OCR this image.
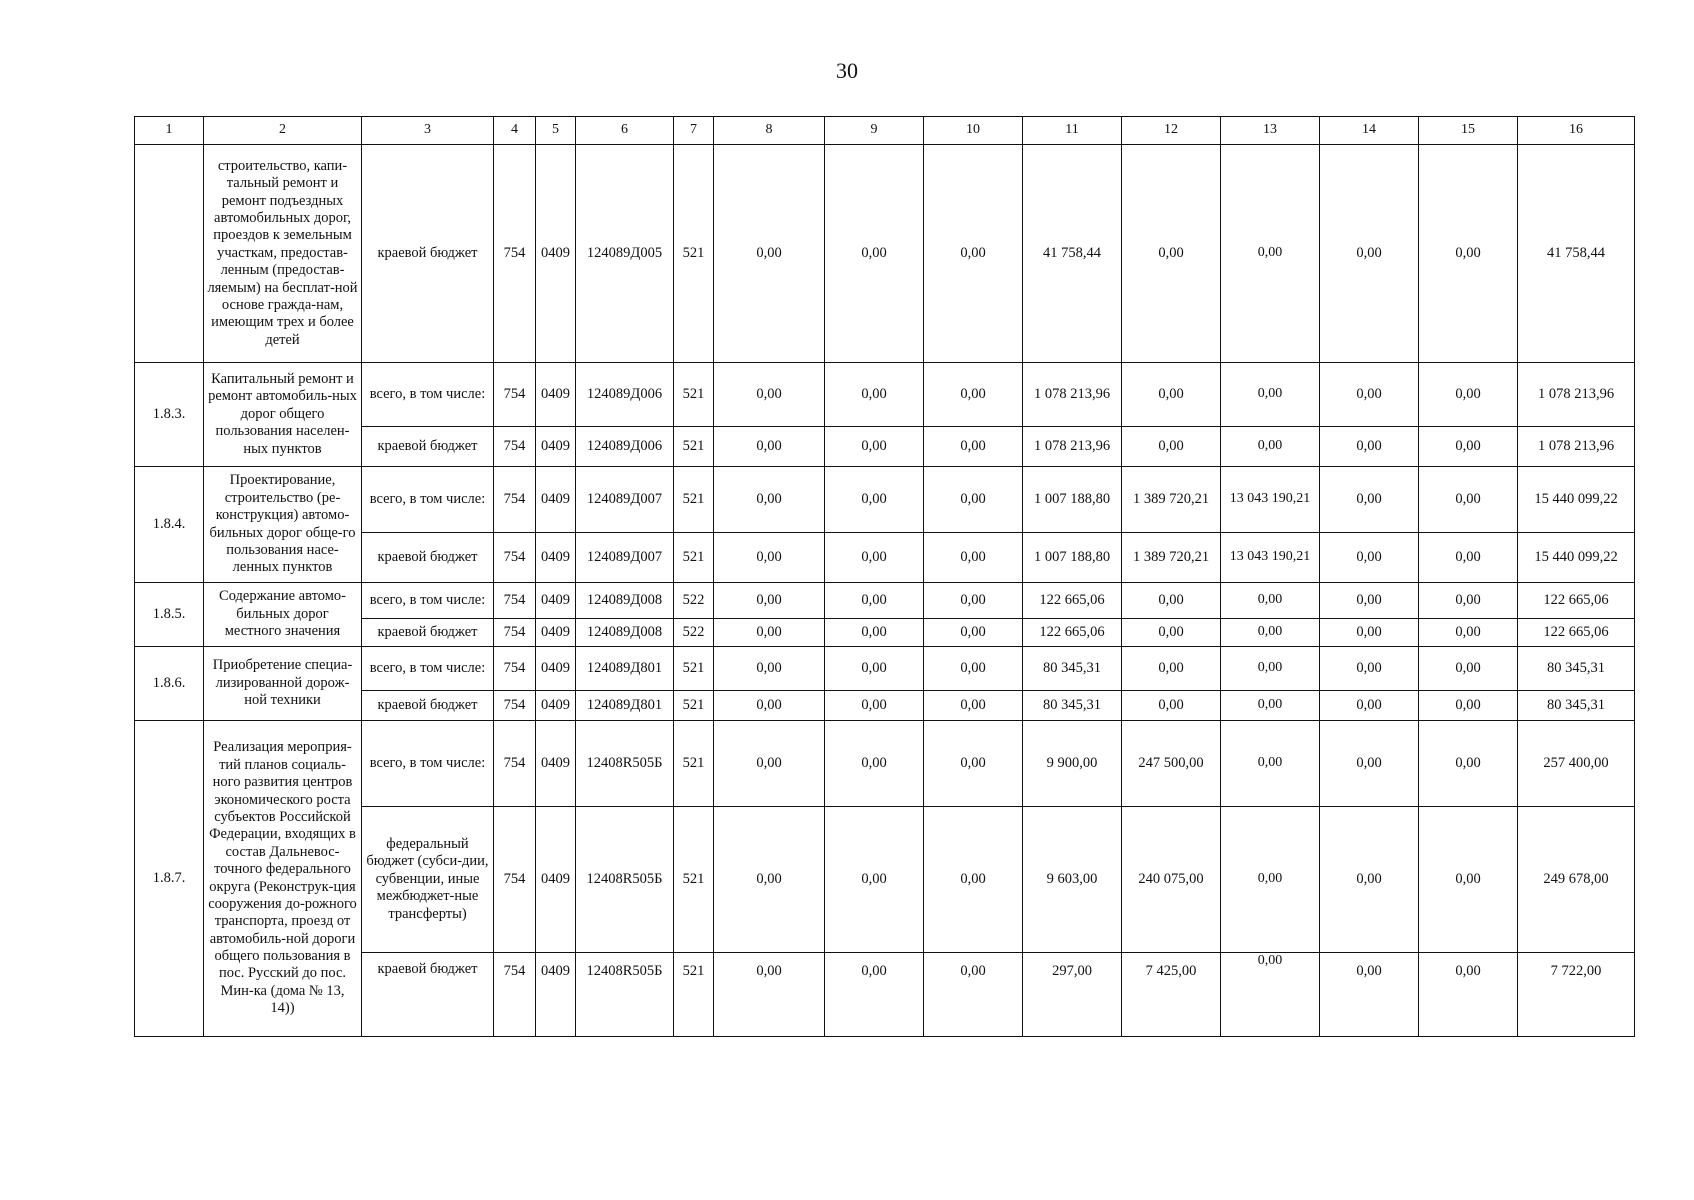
30
1	2	3	4	5	6	7	8	9	10	11	12	13	14	15	16
	строительство, капи-тальный ремонт и ремонт подъездных автомобильных дорог, проездов к земельным участкам, предостав-ленным (предостав-ляемым) на бесплат-ной основе гражда-нам, имеющим трех и более детей	краевой бюджет	754	0409	124089Д005	521	0,00	0,00	0,00	41 758,44	0,00	0,00	0,00	0,00	41 758,44
1.8.3.	Капитальный ремонт и ремонт автомобиль-ных дорог общего пользования населен-ных пунктов	всего, в том числе:	754	0409	124089Д006	521	0,00	0,00	0,00	1 078 213,96	0,00	0,00	0,00	0,00	1 078 213,96
		краевой бюджет	754	0409	124089Д006	521	0,00	0,00	0,00	1 078 213,96	0,00	0,00	0,00	0,00	1 078 213,96
1.8.4.	Проектирование, строительство (ре-конструкция) автомо-бильных дорог обще-го пользования насе-ленных пунктов	всего, в том числе:	754	0409	124089Д007	521	0,00	0,00	0,00	1 007 188,80	1 389 720,21	13 043 190,21	0,00	0,00	15 440 099,22
		краевой бюджет	754	0409	124089Д007	521	0,00	0,00	0,00	1 007 188,80	1 389 720,21	13 043 190,21	0,00	0,00	15 440 099,22
1.8.5.	Содержание автомо-бильных дорог местного значения	всего, в том числе:	754	0409	124089Д008	522	0,00	0,00	0,00	122 665,06	0,00	0,00	0,00	0,00	122 665,06
		краевой бюджет	754	0409	124089Д008	522	0,00	0,00	0,00	122 665,06	0,00	0,00	0,00	0,00	122 665,06
1.8.6.	Приобретение специа-лизированной дорож-ной техники	всего, в том числе:	754	0409	124089Д801	521	0,00	0,00	0,00	80 345,31	0,00	0,00	0,00	0,00	80 345,31
		краевой бюджет	754	0409	124089Д801	521	0,00	0,00	0,00	80 345,31	0,00	0,00	0,00	0,00	80 345,31
1.8.7.	Реализация мероприя-тий планов социаль-ного развития центров экономического роста субъектов Российской Федерации, входящих в состав Дальневос-точного федерального округа (Реконструк-ция сооружения до-рожного транспорта, проезд от автомобиль-ной дороги общего пользования в пос. Русский до пос. Мин-ка (дома № 13, 14))	всего, в том числе:	754	0409	12408R505Б	521	0,00	0,00	0,00	9 900,00	247 500,00	0,00	0,00	0,00	257 400,00
		федеральный бюджет (субси-дии, субвенции, иные межбюджет-ные трансферты)	754	0409	12408R505Б	521	0,00	0,00	0,00	9 603,00	240 075,00	0,00	0,00	0,00	249 678,00
		краевой бюджет	754	0409	12408R505Б	521	0,00	0,00	0,00	297,00	7 425,00	0,00	0,00	0,00	7 722,00
